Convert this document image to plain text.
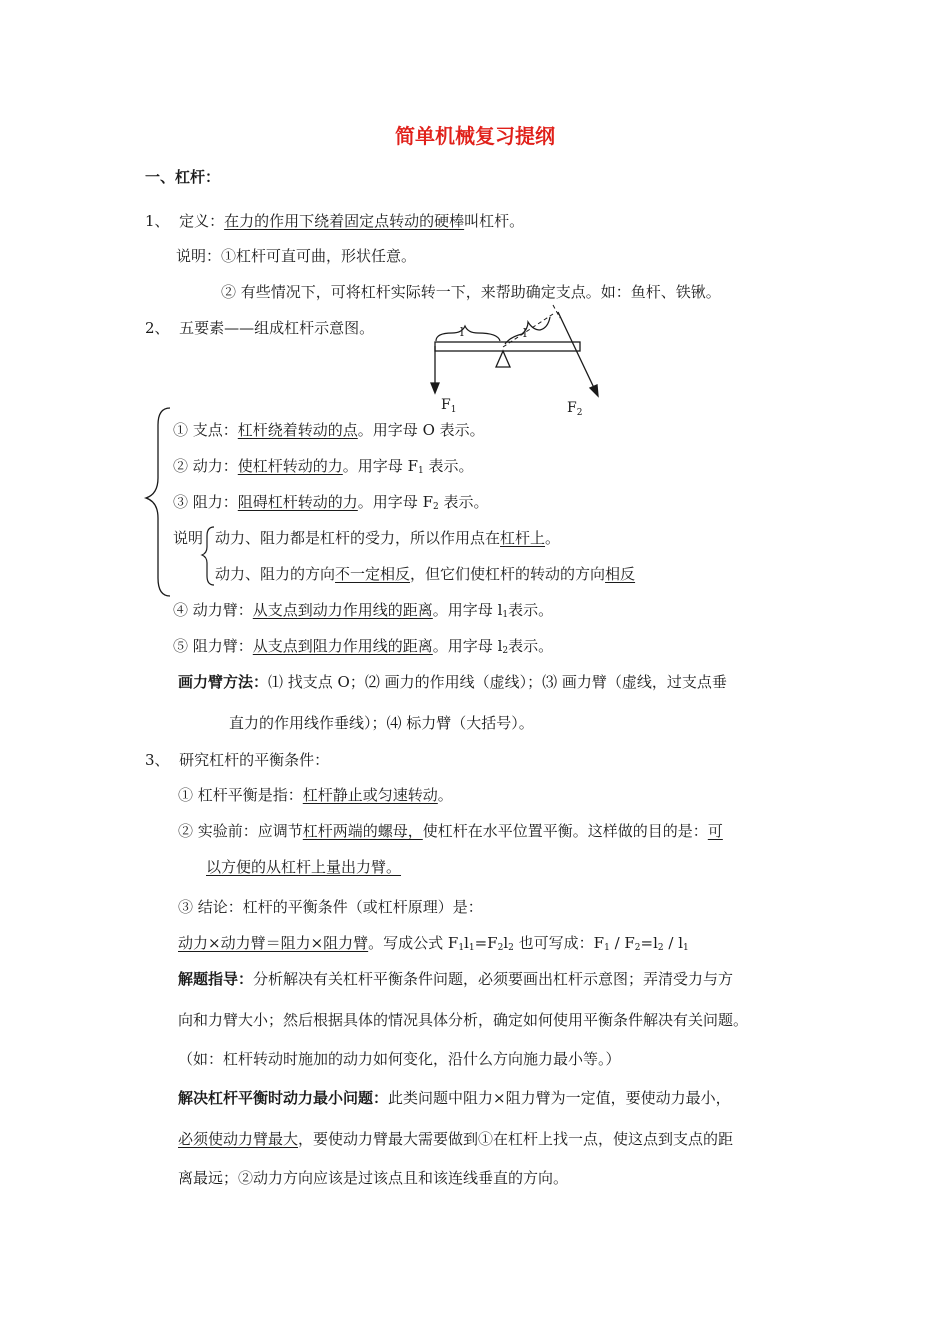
简单机械复习提纲
一、杠杆：
1、 定义：在力的作用下绕着固定点转动的硬棒叫杠杆。
说明：①杠杆可直可曲，形状任意。
② 有些情况下，可将杠杆实际转一下，来帮助确定支点。如：鱼杆、铁锹。
2、 五要素——组成杠杆示意图。	l	l
$F_1$	$F_2$
① 支点：杠杆绕着转动的点。用字母 O 表示。
② 动力：使杠杆转动的力。用字母 $F_1$ 表示。
③ 阻力：阻碍杠杆转动的力。用字母 $F_2$ 表示。
说明 动力、阻力都是杠杆的受力，所以作用点在杠杆上。
动力、阻力的方向不一定相反，但它们使杠杆的转动的方向相反
④ 动力臂：从支点到动力作用线的距离。用字母 $l_1$表示。
⑤ 阻力臂：从支点到阻力作用线的距离。用字母 $l_2$表示。
画力臂方法：⑴ 找支点 O；⑵ 画力的作用线（虚线）；⑶ 画力臂（虚线，过支点垂
直力的作用线作垂线）；⑷ 标力臂（大括号）。
3、 研究杠杆的平衡条件：
① 杠杆平衡是指：杠杆静止或匀速转动。
② 实验前：应调节杠杆两端的螺母，使杠杆在水平位置平衡。这样做的目的是：可
以方便的从杠杆上量出力臂。
③ 结论：杠杆的平衡条件（或杠杆原理）是：
动力×动力臂＝阻力×阻力臂。写成公式 $F_1l_1=F_2l_2$ 也可写成：$F_1 / F_2=l_2 / l_1$
解题指导：分析解决有关杠杆平衡条件问题，必须要画出杠杆示意图；弄清受力与方
向和力臂大小；然后根据具体的情况具体分析，确定如何使用平衡条件解决有关问题。
（如：杠杆转动时施加的动力如何变化，沿什么方向施力最小等。）
解决杠杆平衡时动力最小问题：此类问题中阻力×阻力臂为一定值，要使动力最小，
必须使动力臂最大，要使动力臂最大需要做到①在杠杆上找一点，使这点到支点的距
离最远；②动力方向应该是过该点且和该连线垂直的方向。
